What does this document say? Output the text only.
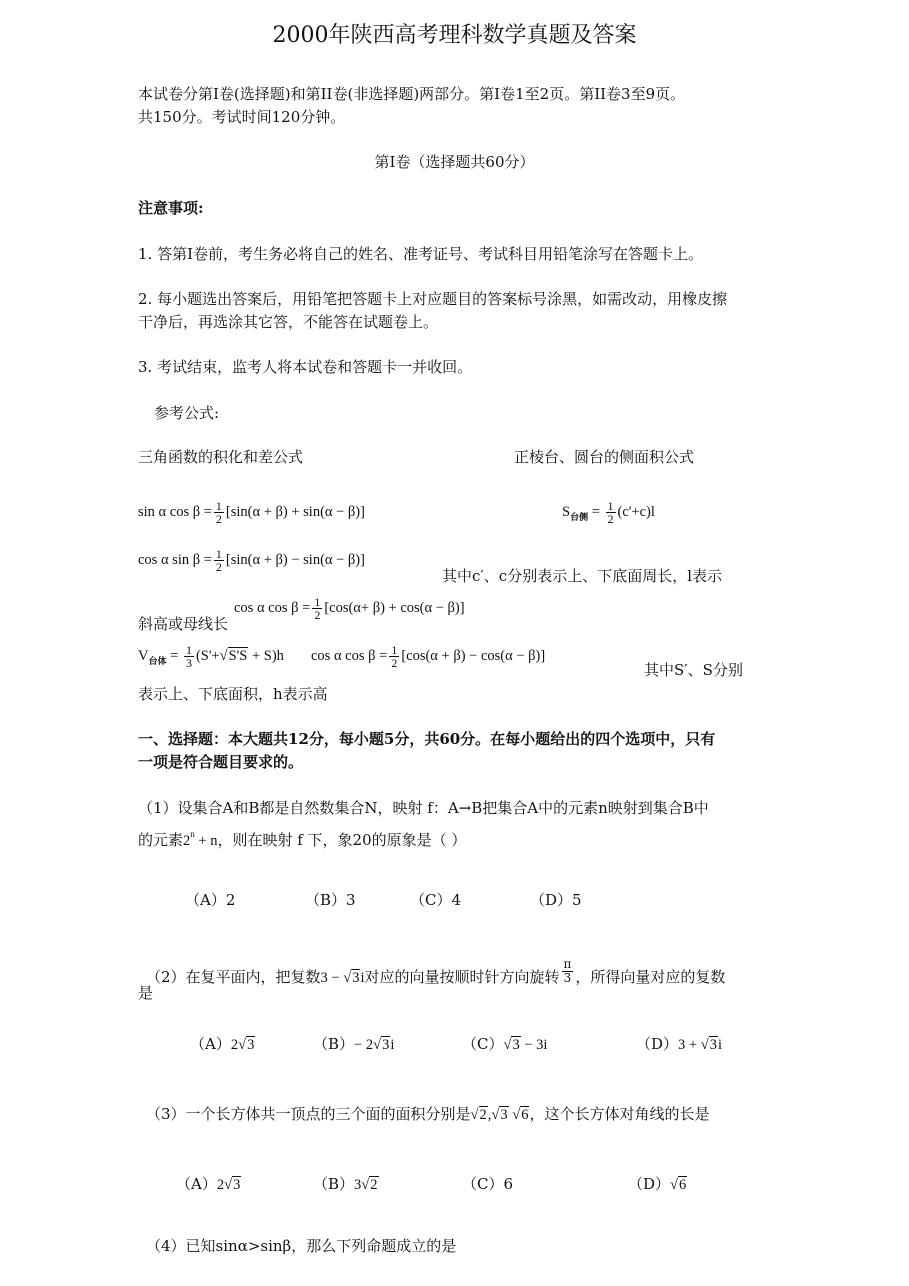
2000年陕西高考理科数学真题及答案
本试卷分第Ⅰ卷(选择题)和第II卷(非选择题)两部分。第Ⅰ卷1至2页。第II卷3至9页。
共150分。考试时间120分钟。
第Ⅰ卷（选择题共60分）
注意事项:
1. 答第Ⅰ卷前，考生务必将自己的姓名、准考证号、考试科目用铅笔涂写在答题卡上。
2. 每小题选出答案后，用铅笔把答题卡上对应题目的答案标号涂黑，如需改动，用橡皮擦
干净后，再选涂其它答，不能答在试题卷上。
3. 考试结束，监考人将本试卷和答题卡一并收回。
参考公式:
三角函数的积化和差公式	正棱台、圆台的侧面积公式
sin α $\cos \beta = \frac{1}{2} [\sin(\alpha + \beta) + \sin(\alpha - \beta)]$	$S_{台侧} = \frac{1}{2} (c'+c)l$
cos α $\sin \beta = \frac{1}{2} [\sin(\alpha + \beta) - \sin(\alpha - \beta)]$
其中c′、c分别表示上、下底面周长，l表示
cos α $\cos \beta = \frac{1}{2} [\cos(\alpha+ \beta) + \cos(\alpha - \beta)]$
斜高或母线长
$V_{台体} = \frac{1}{3} (S'+√S'S + S)h$ cos α $\cos \beta = \frac{1}{2} [\cos(\alpha + \beta) - \cos(\alpha - \beta)]$
其中S′、S分别
表示上、下底面积，h表示高
一、选择题：本大题共12分，每小题5分，共60分。在每小题给出的四个选项中，只有
一项是符合题目要求的。
（1）设集合A和B都是自然数集合N，映射 f：A→B把集合A中的元素n映射到集合B中
的元素$2^n + n$，则在映射 f 下，象20的原象是（ ）
（A）2	（B）3	（C）4	（D）5
（2）在复平面内，把复数3 − √3i对应的向量按顺时针方向旋转 $\frac{\pi}{3}$ ，所得向量对应的复数
是
（A）2√3	（B）− 2√3i	（C）√3 − 3i	（D）3 + √3i
（3）一个长方体共一顶点的三个面的面积分别是√2,√3 √6，这个长方体对角线的长是
（A）2√3	（B）3√2	（C）6	（D）√6
（4）已知sinα>sinβ，那么下列命题成立的是
